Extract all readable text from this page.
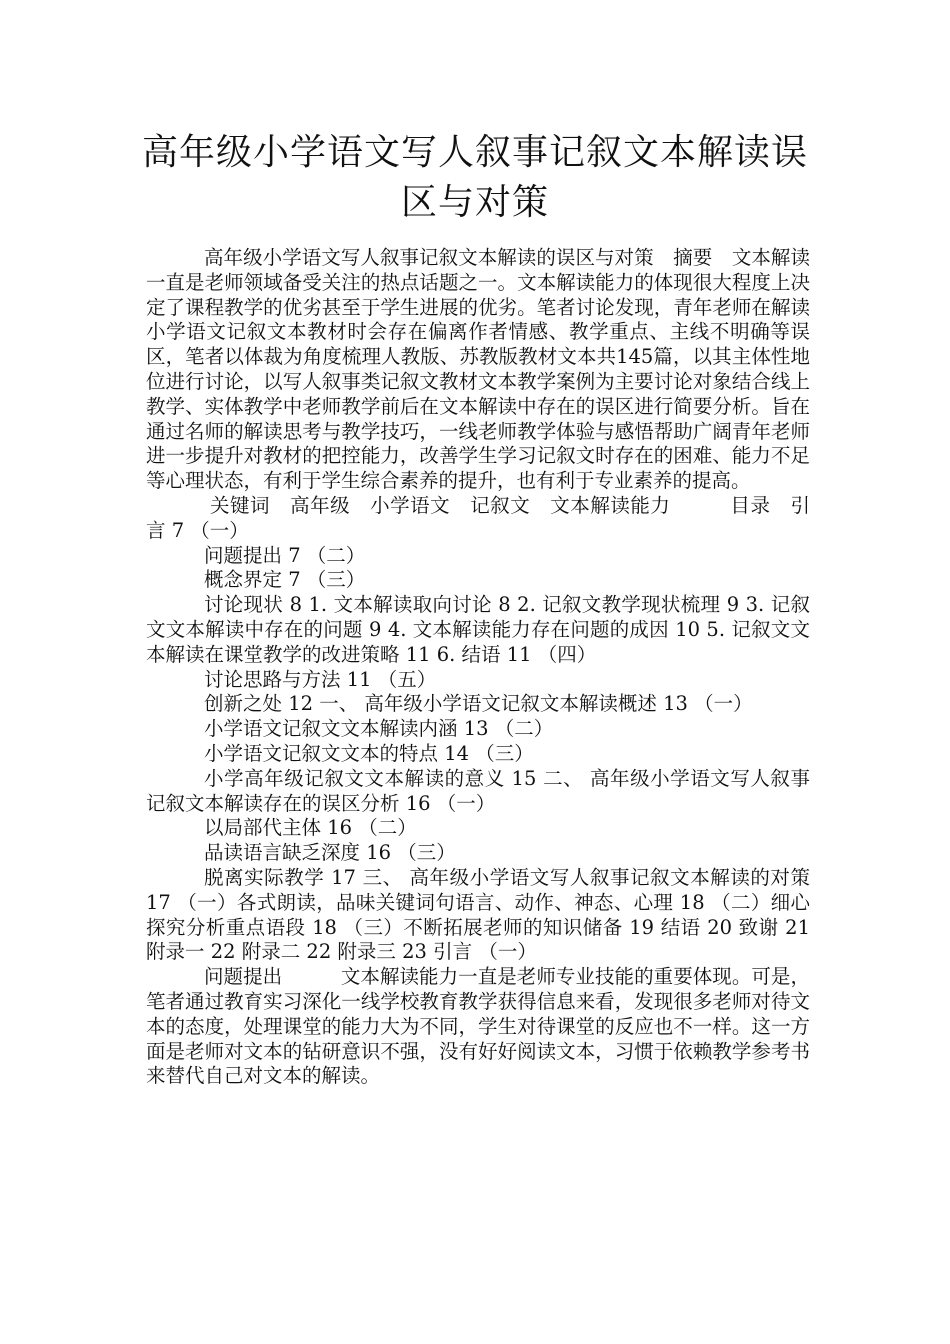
高年级小学语文写人叙事记叙文本解读误区与对策

高年级小学语文写人叙事记叙文本解读的误区与对策　摘要　文本解读一直是老师领域备受关注的热点话题之一。文本解读能力的体现很大程度上决定了课程教学的优劣甚至于学生进展的优劣。笔者讨论发现，青年老师在解读小学语文记叙文本教材时会存在偏离作者情感、教学重点、主线不明确等误区，笔者以体裁为角度梳理人教版、苏教版教材文本共145篇，以其主体性地位进行讨论，以写人叙事类记叙文教材文本教学案例为主要讨论对象结合线上教学、实体教学中老师教学前后在文本解读中存在的误区进行简要分析。旨在通过名师的解读思考与教学技巧，一线老师教学体验与感悟帮助广阔青年老师进一步提升对教材的把控能力，改善学生学习记叙文时存在的困难、能力不足等心理状态，有利于学生综合素养的提升，也有利于专业素养的提高。

关键词　高年级　小学语文　记叙文　文本解读能力　　　目录　引言 7 （一）

问题提出 7 （二）

概念界定 7 （三）

讨论现状 8 1. 文本解读取向讨论 8 2. 记叙文教学现状梳理 9 3. 记叙文文本解读中存在的问题 9 4. 文本解读能力存在问题的成因 10 5. 记叙文文本解读在课堂教学的改进策略 11 6. 结语 11 （四）

讨论思路与方法 11 （五）

创新之处 12 一、 高年级小学语文记叙文本解读概述 13 （一）

小学语文记叙文文本解读内涵 13 （二）

小学语文记叙文文本的特点 14 （三）

小学高年级记叙文文本解读的意义 15 二、 高年级小学语文写人叙事记叙文本解读存在的误区分析 16 （一）

以局部代主体 16 （二）

品读语言缺乏深度 16 （三）

脱离实际教学 17 三、 高年级小学语文写人叙事记叙文本解读的对策 17 （一）各式朗读，品味关键词句语言、动作、神态、心理 18 （二）细心探究分析重点语段 18 （三）不断拓展老师的知识储备 19 结语 20 致谢 21 附录一 22 附录二 22 附录三 23 引言 （一）

问题提出　　　文本解读能力一直是老师专业技能的重要体现。可是，笔者通过教育实习深化一线学校教育教学获得信息来看，发现很多老师对待文本的态度，处理课堂的能力大为不同，学生对待课堂的反应也不一样。这一方面是老师对文本的钻研意识不强，没有好好阅读文本，习惯于依赖教学参考书来替代自己对文本的解读。
